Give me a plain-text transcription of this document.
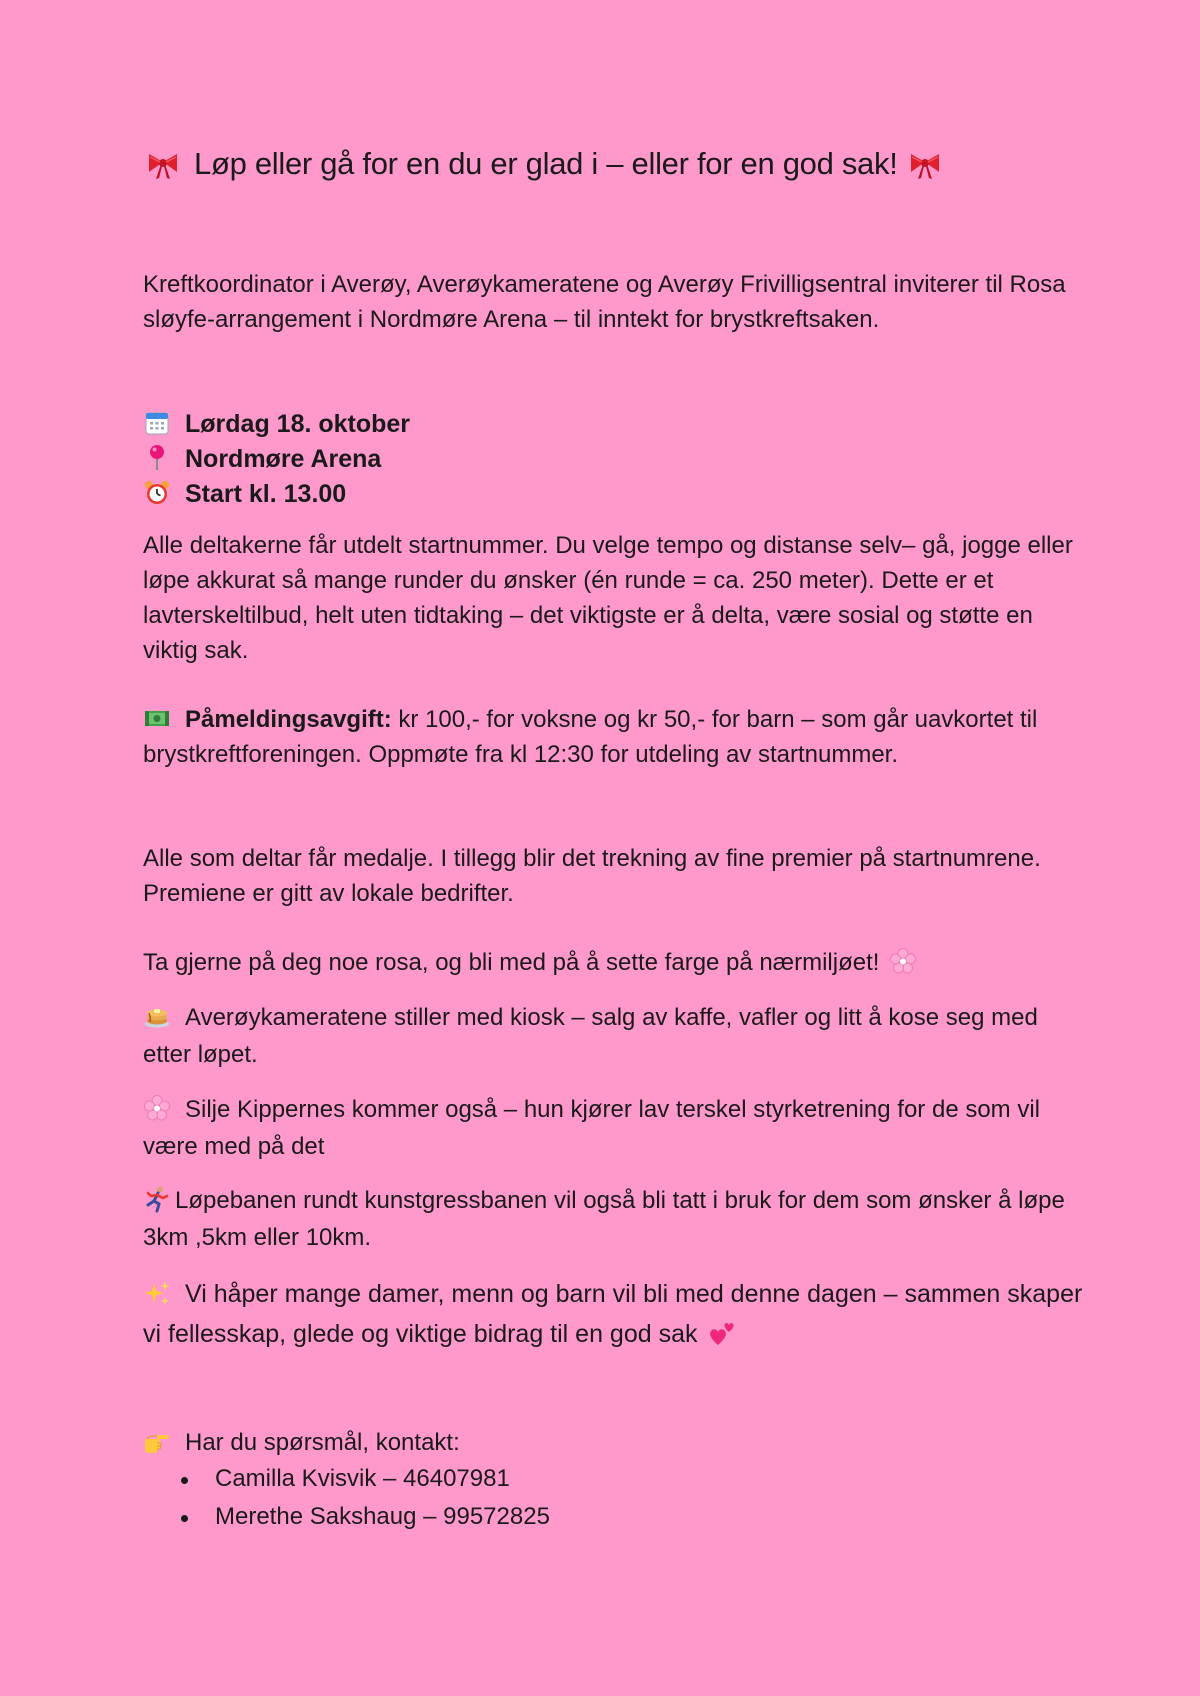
Løp eller gå for en du er glad i – eller for en god sak!
Kreftkoordinator i Averøy, Averøykameratene og Averøy Frivilligsentral inviterer til Rosa sløyfe-arrangement i Nordmøre Arena – til inntekt for brystkreftsaken.
Lørdag 18. oktober
Nordmøre Arena
Start kl. 13.00
Alle deltakerne får utdelt startnummer. Du velge tempo og distanse selv– gå, jogge eller løpe akkurat så mange runder du ønsker (én runde = ca. 250 meter). Dette er et lavterskeltilbud, helt uten tidtaking – det viktigste er å delta, være sosial og støtte en viktig sak.
Påmeldingsavgift: kr 100,- for voksne og kr 50,- for barn – som går uavkortet til brystkreftforeningen. Oppmøte fra kl 12:30 for utdeling av startnummer.
Alle som deltar får medalje. I tillegg blir det trekning av fine premier på startnumrene. Premiene er gitt av lokale bedrifter.
Ta gjerne på deg noe rosa, og bli med på å sette farge på nærmiljøet!
Averøykameratene stiller med kiosk – salg av kaffe, vafler og litt å kose seg med etter løpet.
Silje Kippernes kommer også – hun kjører lav terskel styrketrening for de som vil være med på det
Løpebanen rundt kunstgressbanen vil også bli tatt i bruk for dem som ønsker å løpe 3km ,5km eller 10km.
Vi håper mange damer, menn og barn vil bli med denne dagen – sammen skaper vi fellesskap, glede og viktige bidrag til en god sak
Har du spørsmål, kontakt:
Camilla Kvisvik – 46407981
Merethe Sakshaug – 99572825
